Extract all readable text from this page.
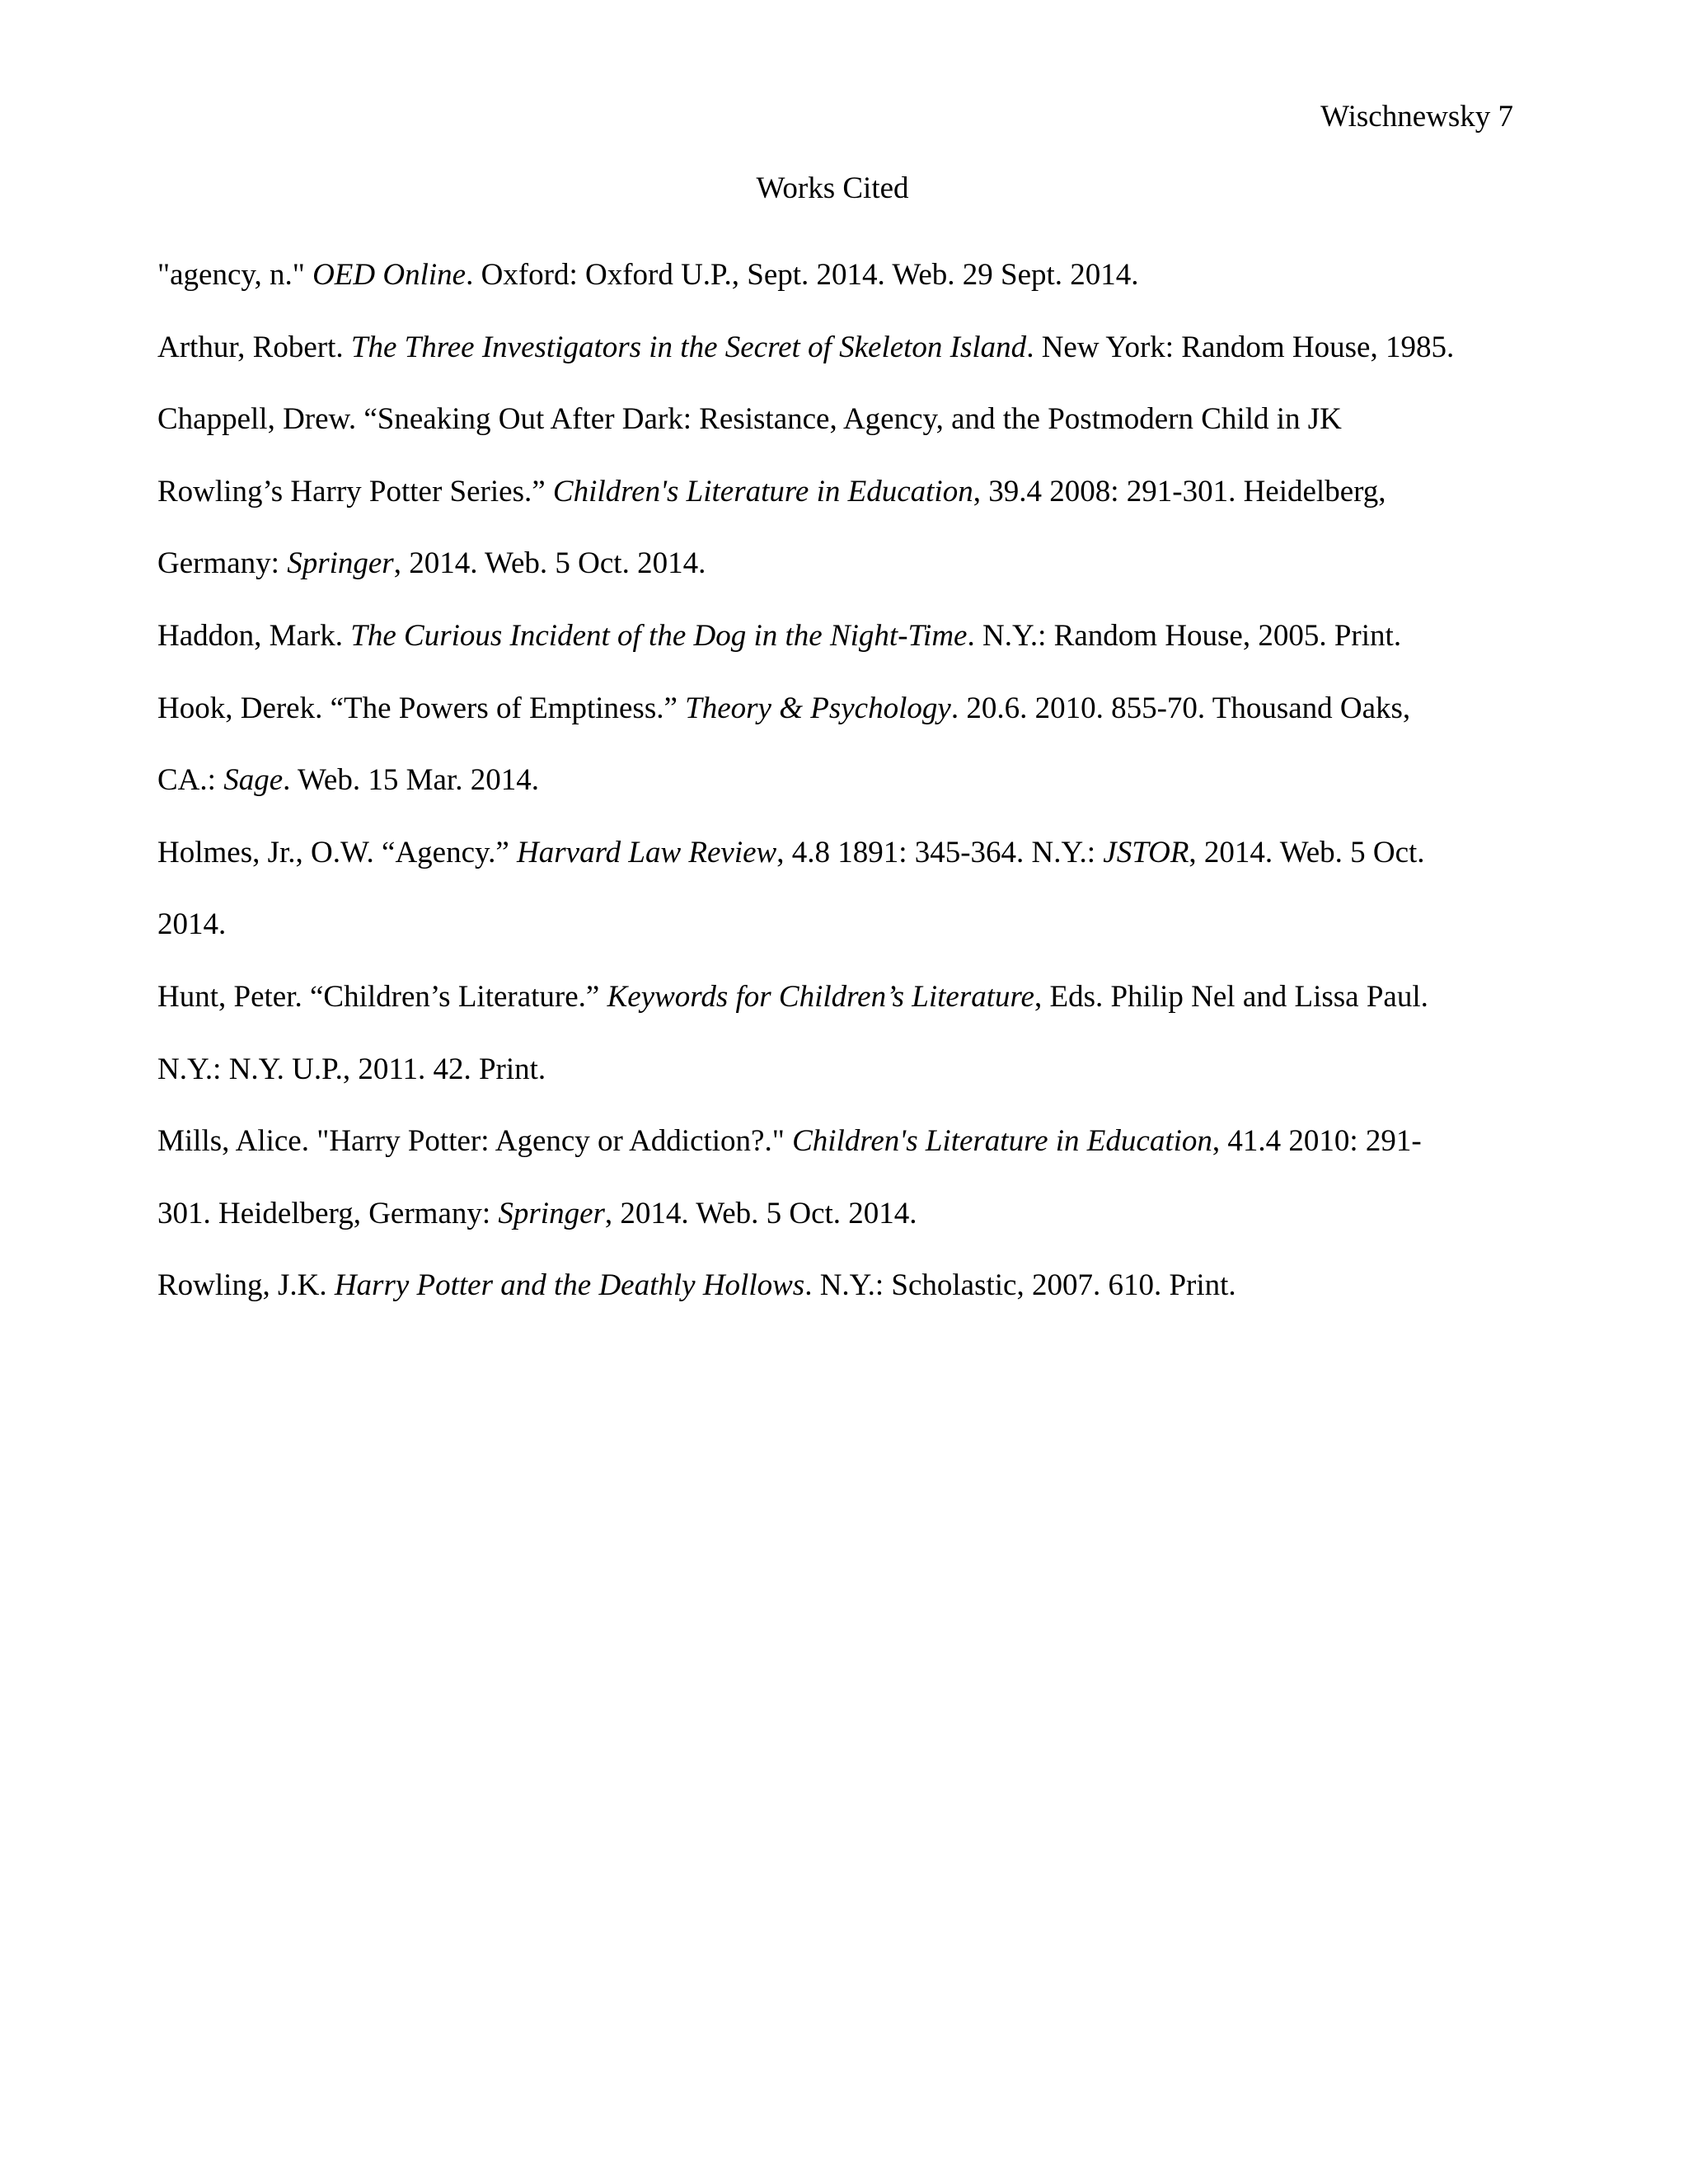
Wischnewsky 7
Works Cited
"agency, n." OED Online. Oxford: Oxford U.P., Sept. 2014. Web. 29 Sept. 2014.
Arthur, Robert. The Three Investigators in the Secret of Skeleton Island. New York: Random House, 1985.
Chappell, Drew. “Sneaking Out After Dark: Resistance, Agency, and the Postmodern Child in JK
Rowling’s Harry Potter Series.” Children's Literature in Education, 39.4 2008: 291-301. Heidelberg,
Germany: Springer, 2014. Web. 5 Oct. 2014.
Haddon, Mark. The Curious Incident of the Dog in the Night-Time. N.Y.: Random House, 2005. Print.
Hook, Derek. “The Powers of Emptiness.” Theory & Psychology. 20.6. 2010. 855-70. Thousand Oaks,
CA.: Sage. Web. 15 Mar. 2014.
Holmes, Jr., O.W. “Agency.” Harvard Law Review, 4.8 1891: 345-364. N.Y.: JSTOR, 2014. Web. 5 Oct.
2014.
Hunt, Peter. “Children’s Literature.” Keywords for Children’s Literature, Eds. Philip Nel and Lissa Paul.
N.Y.: N.Y. U.P., 2011. 42. Print.
Mills, Alice. "Harry Potter: Agency or Addiction?." Children's Literature in Education, 41.4 2010: 291-
301. Heidelberg, Germany: Springer, 2014. Web. 5 Oct. 2014.
Rowling, J.K. Harry Potter and the Deathly Hollows. N.Y.: Scholastic, 2007. 610. Print.
